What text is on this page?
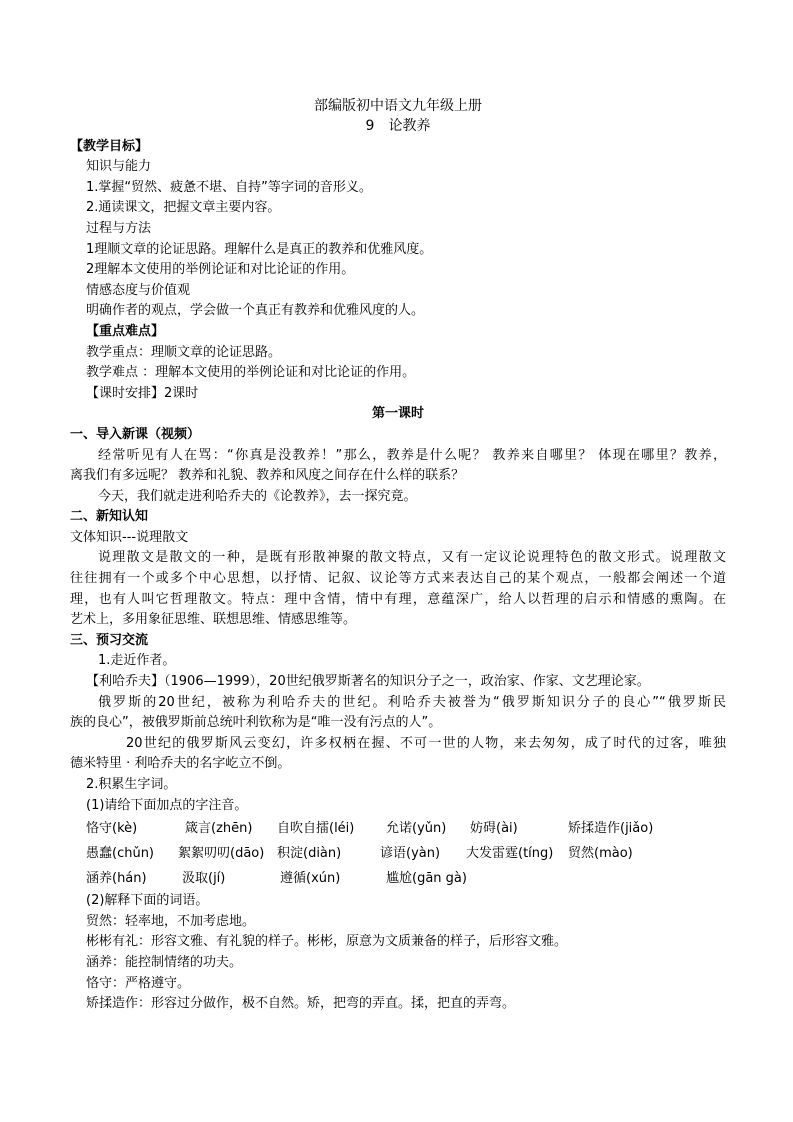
部编版初中语文九年级上册
9　论教养
【教学目标】
知识与能力
1.掌握“贸然、疲惫不堪、自持”等字词的音形义。
2.通读课文，把握文章主要内容。
过程与方法
1理顺文章的论证思路。理解什么是真正的教养和优雅风度。
2理解本文使用的举例论证和对比论证的作用。
情感态度与价值观
明确作者的观点，学会做一个真正有教养和优雅风度的人。
【重点难点】
教学重点：理顺文章的论证思路。
教学难点 ：理解本文使用的举例论证和对比论证的作用。
【课时安排】2课时
第一课时
一、导入新课（视频）
经常听见有人在骂：“你真是没教养！”那么，教养是什么呢？ 教养来自哪里？ 体现在哪里？教养，
离我们有多远呢？ 教养和礼貌、教养和风度之间存在什么样的联系？
今天，我们就走进利哈乔夫的《论教养》，去一探究竟。
二、新知认知
文体知识---说理散文
说理散文是散文的一种，是既有形散神聚的散文特点，又有一定议论说理特色的散文形式。说理散文
往往拥有一个或多个中心思想，以抒情、记叙、议论等方式来表达自己的某个观点，一般都会阐述一个道
理，也有人叫它哲理散文。特点：理中含情，情中有理，意蕴深广，给人以哲理的启示和情感的熏陶。在
艺术上，多用象征思维、联想思维、情感思维等。
三、预习交流
1.走近作者。
【利哈乔夫】（1906—1999），20世纪俄罗斯著名的知识分子之一，政治家、作家、文艺理论家。
俄罗斯的20世纪，被称为利哈乔夫的世纪。利哈乔夫被誉为“俄罗斯知识分子的良心”“俄罗斯民
族的良心”，被俄罗斯前总统叶利钦称为是“唯一没有污点的人”。
20世纪的俄罗斯风云变幻，许多权柄在握、不可一世的人物，来去匆匆，成了时代的过客，唯独
德米特里 · 利哈乔夫的名字屹立不倒。
2.积累生字词。
(1)请给下面加点的字注音。
恪守(kè)	箴言(zhēn) 自吹自擂(léi) 允诺(yǔn) 妨碍(ài)	矫揉造作(jiǎo)
愚蠢(chǔn) 絮絮叨叨(dāo) 积淀(diàn)	谚语(yàn) 大发雷霆(tíng) 贸然(mào)
涵养(hán)	汲取(jí)	遵循(xún)	尴尬(gān gà)
(2)解释下面的词语。
贸然：轻率地，不加考虑地。
彬彬有礼：形容文雅、有礼貌的样子。彬彬，原意为文质兼备的样子，后形容文雅。
涵养：能控制情绪的功夫。
恪守：严格遵守。
矫揉造作：形容过分做作，极不自然。矫，把弯的弄直。揉，把直的弄弯。
